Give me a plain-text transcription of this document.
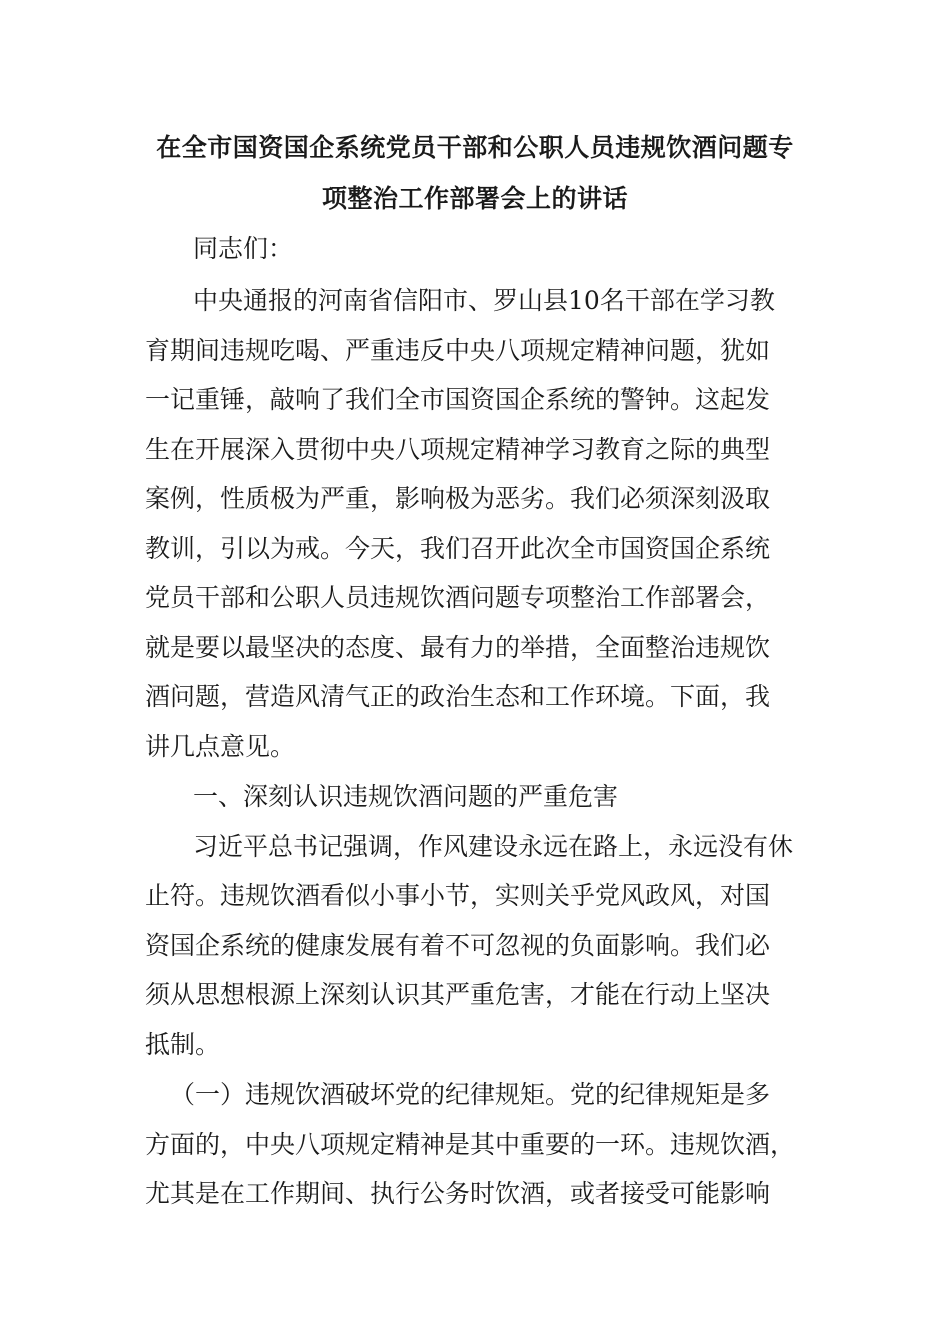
在全市国资国企系统党员干部和公职人员违规饮酒问题专
项整治工作部署会上的讲话

同志们：

中央通报的河南省信阳市、罗山县10名干部在学习教

育期间违规吃喝、严重违反中央八项规定精神问题，犹如

一记重锤，敲响了我们全市国资国企系统的警钟。这起发

生在开展深入贯彻中央八项规定精神学习教育之际的典型

案例，性质极为严重，影响极为恶劣。我们必须深刻汲取

教训，引以为戒。今天，我们召开此次全市国资国企系统

党员干部和公职人员违规饮酒问题专项整治工作部署会，

就是要以最坚决的态度、最有力的举措，全面整治违规饮

酒问题，营造风清气正的政治生态和工作环境。下面，我

讲几点意见。

一、深刻认识违规饮酒问题的严重危害

习近平总书记强调，作风建设永远在路上，永远没有休

止符。违规饮酒看似小事小节，实则关乎党风政风，对国

资国企系统的健康发展有着不可忽视的负面影响。我们必

须从思想根源上深刻认识其严重危害，才能在行动上坚决

抵制。

（一）违规饮酒破坏党的纪律规矩。党的纪律规矩是多

方面的，中央八项规定精神是其中重要的一环。违规饮酒，

尤其是在工作期间、执行公务时饮酒，或者接受可能影响
